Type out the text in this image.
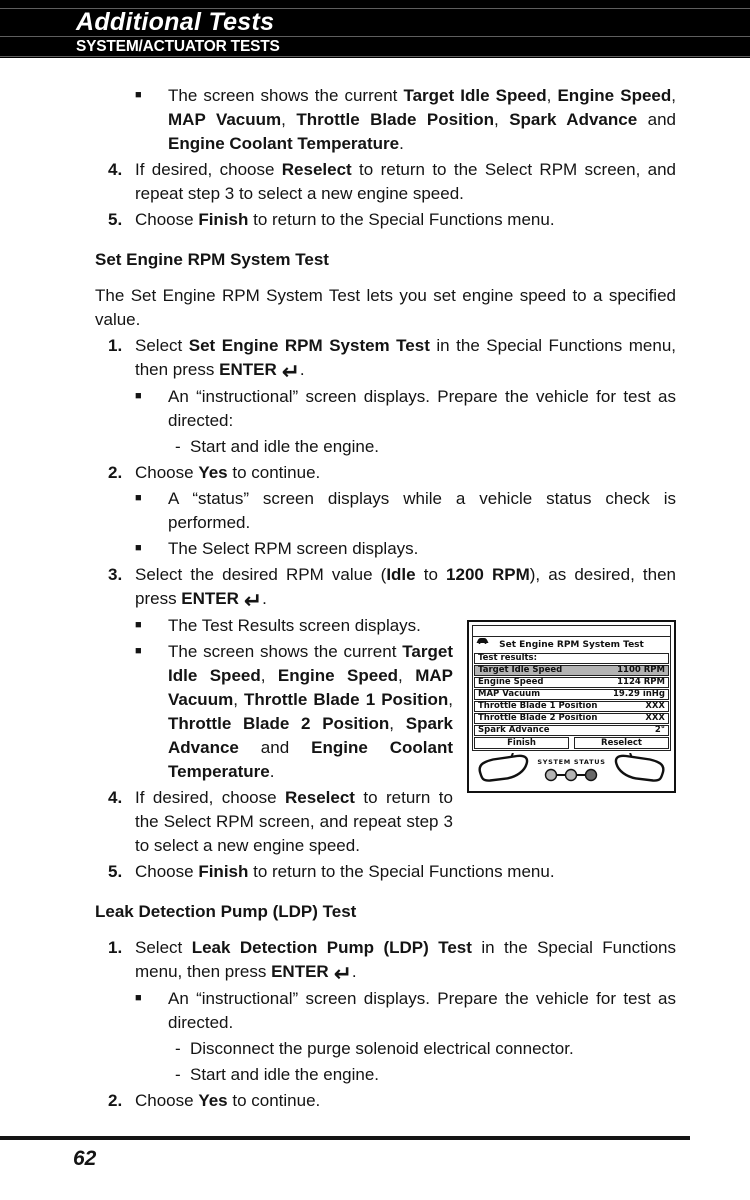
Additional Tests
SYSTEM/ACTUATOR TESTS
■ The screen shows the current Target Idle Speed, Engine Speed, MAP Vacuum, Throttle Blade Position, Spark Advance and Engine Coolant Temperature.
4. If desired, choose Reselect to return to the Select RPM screen, and repeat step 3 to select a new engine speed.
5. Choose Finish to return to the Special Functions menu.
Set Engine RPM System Test
The Set Engine RPM System Test lets you set engine speed to a specified value.
1. Select Set Engine RPM System Test in the Special Functions menu, then press ENTER ↵.
■ An “instructional” screen displays. Prepare the vehicle for test as directed:
- Start and idle the engine.
2. Choose Yes to continue.
■ A “status” screen displays while a vehicle status check is performed.
■ The Select RPM screen displays.
3. Select the desired RPM value (Idle to 1200 RPM), as desired, then press ENTER ↵.
Set Engine RPM System Test
Test results:
Target Idle Speed	1100 RPM
Engine Speed	1124 RPM
MAP Vacuum	19.29 inHg
Throttle Blade 1 Position	XXX
Throttle Blade 2 Position	XXX
Spark Advance	2°
Finish	Reselect
SYSTEM STATUS
■ The Test Results screen displays.
■ The screen shows the current Target Idle Speed, Engine Speed, MAP Vacuum, Throttle Blade 1 Position, Throttle Blade 2 Position, Spark Advance and Engine Coolant Temperature.
4. If desired, choose Reselect to return to the Select RPM screen, and repeat step 3 to select a new engine speed.
5. Choose Finish to return to the Special Functions menu.
Leak Detection Pump (LDP) Test
1. Select Leak Detection Pump (LDP) Test in the Special Functions menu, then press ENTER ↵.
■ An “instructional” screen displays. Prepare the vehicle for test as directed.
- Disconnect the purge solenoid electrical connector.
- Start and idle the engine.
2. Choose Yes to continue.
62
